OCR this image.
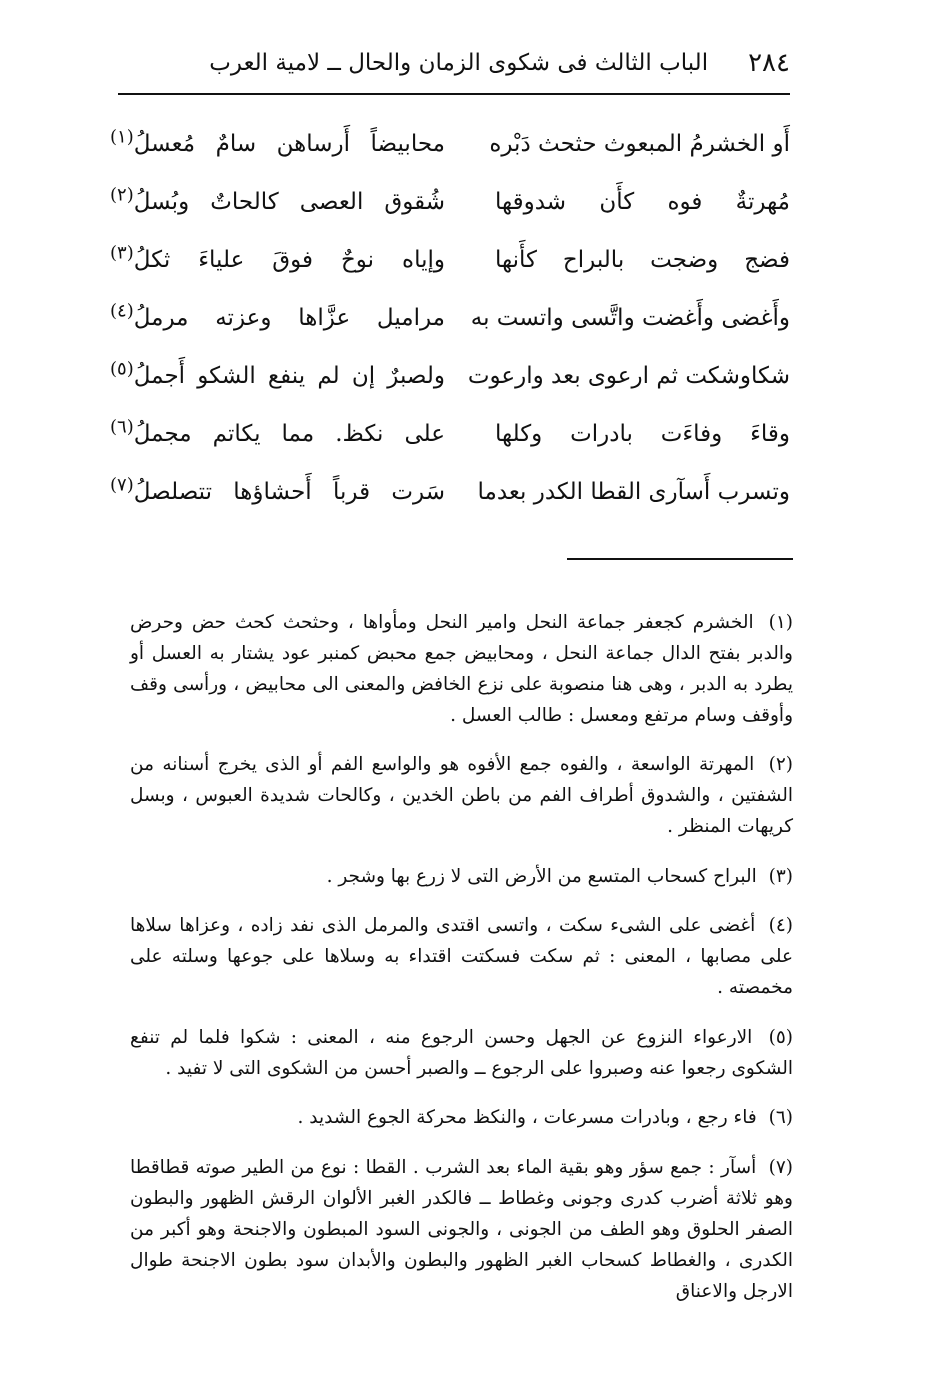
٢٨٤
الباب الثالث فى شكوى الزمان والحال ــ لامية العرب
أَو الخشرمُ المبعوث حثحث دَبْره
محابيضاً أَرساهن سامٌ مُعسلُ$^{(١)}$
مُهرتةٌ فوه كأَن شدوقها
شُقوق العصى كالحاتٌ وبُسلُ$^{(٢)}$
فضج وضجت بالبراح كأَنها
وإياه نوحٌ فوقَ علياءَ ثكلُ$^{(٣)}$
وأَغضى وأَغضت واتَّسى واتست به
مراميل عزَّاها وعزته مرملُ$^{(٤)}$
شكاوشكت ثم ارعوى بعد وارعوت
ولصبرٌ إن لم ينفع الشكو أَجملُ$^{(٥)}$
وقاءَ وفاءَت بادرات وكلها
على نكظ. مما يكاتم مجملُ$^{(٦)}$
وتسرب أَسآرى القطا الكدر بعدما
سَرت قرباً أَحشاؤها تتصلصلُ$^{(٧)}$

(١) الخشرم كجعفر جماعة النحل وامير النحل ومأواها ، وحثحث كحث حض وحرض والدبر بفتح الدال جماعة النحل ، ومحابيض جمع محبض كمنبر عود يشتار به العسل أو يطرد به الدبر ، وهى هنا منصوبة على نزع الخافض والمعنى الى محابيض ، ورأسى وقف وأوقف وسام مرتفع ومعسل : طالب العسل .

(٢) المهرتة الواسعة ، والفوه جمع الأفوه هو والواسع الفم أو الذى يخرج أسنانه من الشفتين ، والشدوق أطراف الفم من باطن الخدين ، وكالحات شديدة العبوس ، وبسل كريهات المنظر .

(٣) البراح كسحاب المتسع من الأرض التى لا زرع بها وشجر .

(٤) أغضى على الشىء سكت ، واتسى اقتدى والمرمل الذى نفد زاده ، وعزاها سلاها على مصابها ، المعنى : ثم سكت فسكتت اقتداء به وسلاها على جوعها وسلته على مخمصته .

(٥) الارعواء النزوع عن الجهل وحسن الرجوع منه ، المعنى : شكوا فلما لم تنفع الشكوى رجعوا عنه وصبروا على الرجوع ــ والصبر أحسن من الشكوى التى لا تفيد .

(٦) فاء رجع ، وبادرات مسرعات ، والنكظ محركة الجوع الشديد .

(٧) أسآر : جمع سؤر وهو بقية الماء بعد الشرب . القطا : نوع من الطير صوته قطاقطا وهو ثلاثة أضرب كدرى وجونى وغطاط ــ فالكدر الغبر الألوان الرقش الظهور والبطون الصفر الحلوق وهو الطف من الجونى ، والجونى السود المبطون والاجنحة وهو أكبر من الكدرى ، والغطاط كسحاب الغبر الظهور والبطون والأبدان سود بطون الاجنحة طوال الارجل والاعناق
